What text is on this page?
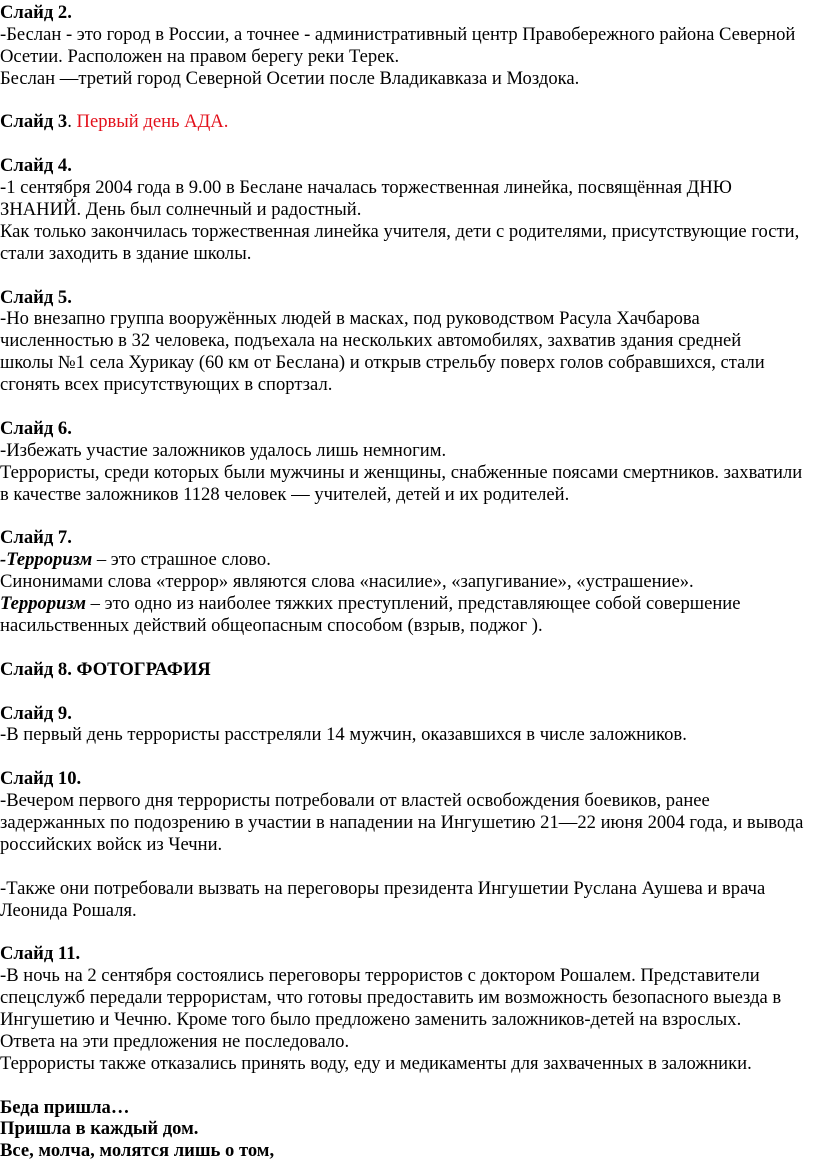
Слайд 2.
-Беслан - это город в России, а точнее - административный центр Правобережного района Северной
Осетии. Расположен на правом берегу реки Терек.
Беслан —третий город Северной Осетии после Владикавказа и Моздока.
Слайд 3. Первый день АДА.
Слайд 4.
-1 сентября 2004 года в 9.00 в Беслане началась торжественная линейка, посвящённая ДНЮ
ЗНАНИЙ. День был солнечный и радостный.
Как только закончилась торжественная линейка учителя, дети с родителями, присутствующие гости,
стали заходить в здание школы.
Слайд 5.
-Но внезапно группа вооружённых людей в масках, под руководством Расула Хачбарова
численностью в 32 человека, подъехала на нескольких автомобилях, захватив здания средней
школы №1 села Хурикау (60 км от Беслана) и открыв стрельбу поверх голов собравшихся, стали
сгонять всех присутствующих в спортзал.
Слайд 6.
-Избежать участие заложников удалось лишь немногим.
Террористы, среди которых были мужчины и женщины, снабженные поясами смертников. захватили
в качестве заложников 1128 человек — учителей, детей и их родителей.
Слайд 7.
-Терроризм – это страшное слово.
Синонимами слова «террор» являются слова «насилие», «запугивание», «устрашение».
Терроризм – это одно из наиболее тяжких преступлений, представляющее собой совершение
насильственных действий общеопасным способом (взрыв, поджог ).
Слайд 8. ФОТОГРАФИЯ
Слайд 9.
-В первый день террористы расстреляли 14 мужчин, оказавшихся в числе заложников.
Слайд 10.
-Вечером первого дня террористы потребовали от властей освобождения боевиков, ранее
задержанных по подозрению в участии в нападении на Ингушетию 21—22 июня 2004 года, и вывода
российских войск из Чечни.
-Также они потребовали вызвать на переговоры президента Ингушетии Руслана Аушева и врача
Леонида Рошаля.
Слайд 11.
-В ночь на 2 сентября состоялись переговоры террористов с доктором Рошалем. Представители
спецслужб передали террористам, что готовы предоставить им возможность безопасного выезда в
Ингушетию и Чечню. Кроме того было предложено заменить заложников-детей на взрослых.
Ответа на эти предложения не последовало.
Террористы также отказались принять воду, еду и медикаменты для захваченных в заложники.
Беда пришла…
Пришла в каждый дом.
Все, молча, молятся лишь о том,
